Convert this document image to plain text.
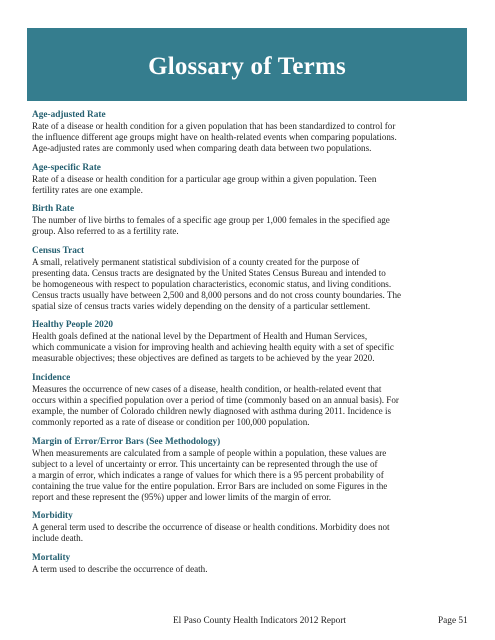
Glossary of Terms
Age-adjusted Rate
Rate of a disease or health condition for a given population that has been standardized to control for
the influence different age groups might have on health-related events when comparing populations.
Age-adjusted rates are commonly used when comparing death data between two populations.
Age-specific Rate
Rate of a disease or health condition for a particular age group within a given population. Teen
fertility rates are one example.
Birth Rate
The number of live births to females of a specific age group per 1,000 females in the specified age
group. Also referred to as a fertility rate.
Census Tract
A small, relatively permanent statistical subdivision of a county created for the purpose of
presenting data. Census tracts are designated by the United States Census Bureau and intended to
be homogeneous with respect to population characteristics, economic status, and living conditions.
Census tracts usually have between 2,500 and 8,000 persons and do not cross county boundaries. The
spatial size of census tracts varies widely depending on the density of a particular settlement.
Healthy People 2020
Health goals defined at the national level by the Department of Health and Human Services,
which communicate a vision for improving health and achieving health equity with a set of specific
measurable objectives; these objectives are defined as targets to be achieved by the year 2020.
Incidence
Measures the occurrence of new cases of a disease, health condition, or health-related event that
occurs within a specified population over a period of time (commonly based on an annual basis). For
example, the number of Colorado children newly diagnosed with asthma during 2011. Incidence is
commonly reported as a rate of disease or condition per 100,000 population.
Margin of Error/Error Bars (See Methodology)
When measurements are calculated from a sample of people within a population, these values are
subject to a level of uncertainty or error. This uncertainty can be represented through the use of
a margin of error, which indicates a range of values for which there is a 95 percent probability of
containing the true value for the entire population. Error Bars are included on some Figures in the
report and these represent the (95%) upper and lower limits of the margin of error.
Morbidity
A general term used to describe the occurrence of disease or health conditions. Morbidity does not
include death.
Mortality
A term used to describe the occurrence of death.
El Paso County Health Indicators 2012 Report	Page 51
